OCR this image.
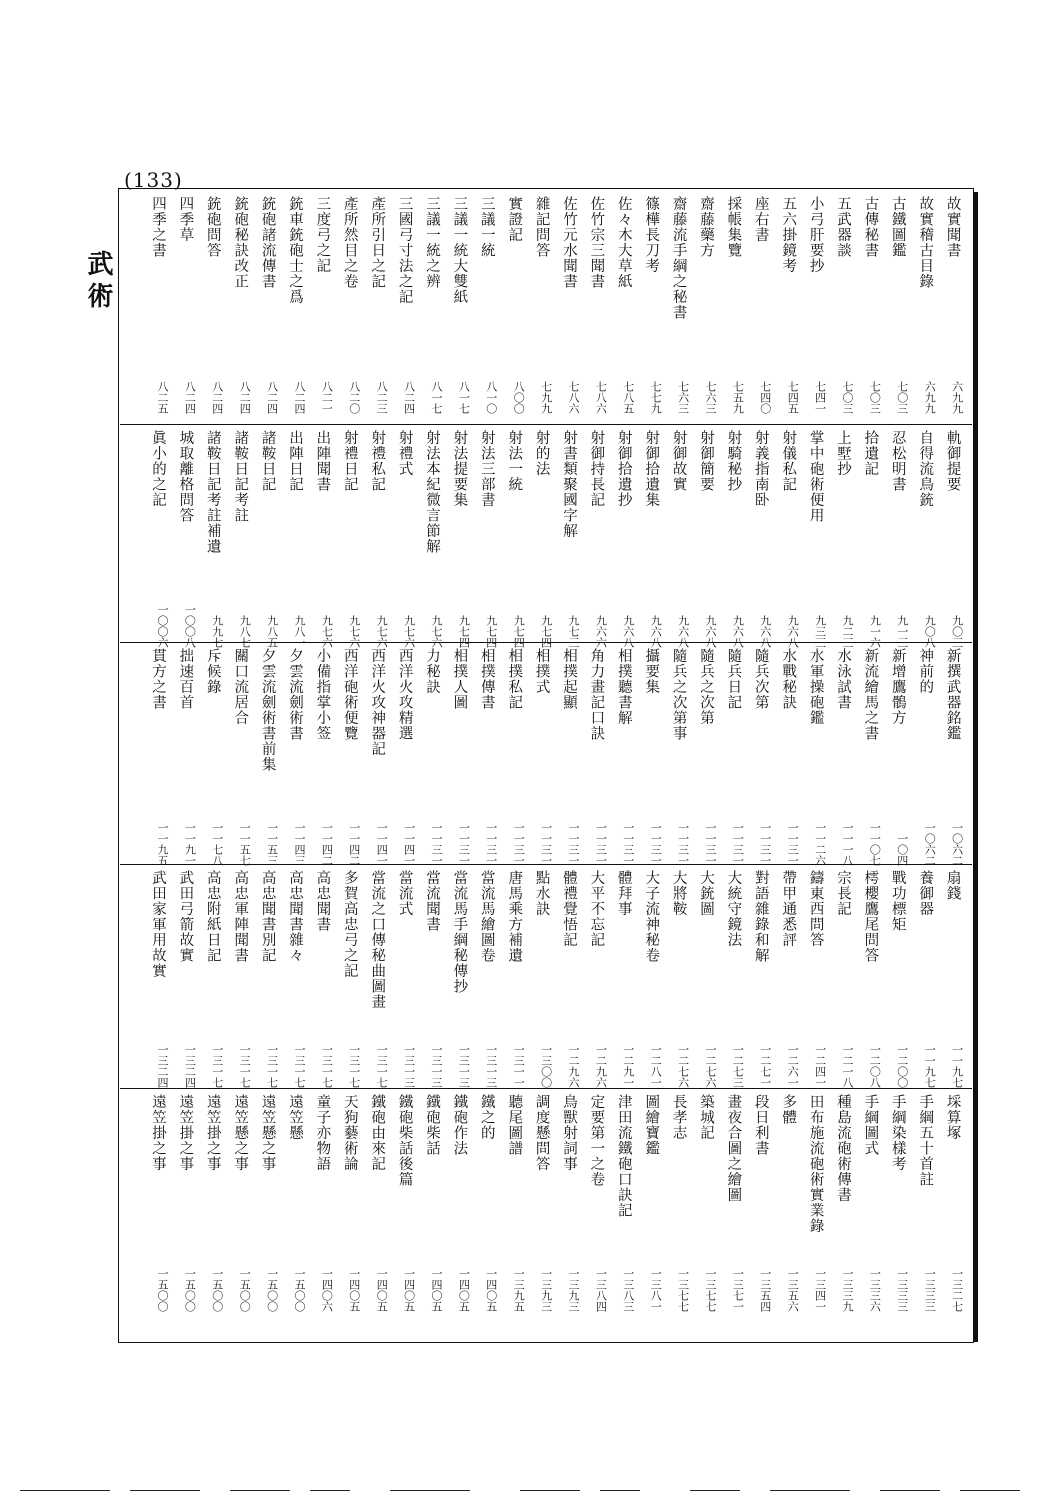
(133)
武術
故實聞書
六九九
故實稽古目錄
六九九
古鐵圖鑑
七〇三
古傳秘書
七〇三
五武器談
七〇三
小弓肝要抄
七四一
五六掛鏡考
七四五
座右書
七四〇
採帳集覽
七五九
齋藤藥方
七六三
齋藤流手綱之秘書
七六三
篠樺長刀考
七七九
佐々木大草紙
七八五
佐竹宗三聞書
七八六
佐竹元水聞書
七八六
雜記問答
七九九
實證記
八〇〇
三議一統
八一〇
三議一統大雙紙
八一七
三議一統之辨
八一七
三國弓寸法之記
八二四
產所引日之記
八二三
產所然目之卷
八二〇
三度弓之記
八二一
銃車銃砲士之爲
八二四
銃砲諸流傳書
八二四
銃砲秘訣改正
八二四
銃砲問答
八二四
四季草
八二四
四季之書
八二五
軌御提要
九〇三
自得流鳥銃
九〇八
忍松明書
九一三
拾遺記
九一六
上墅抄
九二三
掌中砲術便用
九三三
射儀私記
九六八
射義指南卧
九六八
射騎秘抄
九六八
射御簡要
九六八
射御故實
九六八
射御拾遺集
九六八
射御拾遺抄
九六八
射御持長記
九六六
射書類聚國字解
九七三
射的法
九七四
射法一統
九七四
射法三部書
九七四
射法提要集
九七四
射法本紀微言節解
九七六
射禮式
九七六
射禮私記
九七六
射禮日記
九七六
出陣聞書
九七六
出陣日記
九八一
諸鞍日記
九八五
諸鞍日記考註
九八七
諸鞍日記考註補遺
九九七
城取離格問答
一〇〇八
眞小的之記
一〇〇六
新撰武器銘鑑
一〇六二
神前的
一〇六二
新增鷹鶻方
一〇四
新流繪馬之書
一一〇七
水泳試書
一一一八
水軍操砲鑑
一一二六
水戰秘訣
一一三一
隨兵次第
一一三一
隨兵日記
一一三一
隨兵之次第
一一三一
隨兵之次第事
一一三一
攝要集
一一三一
相撲聽書解
一一三一
角力畫記口訣
一一三一
相撲起顯
一一三一
相撲式
一一三一
相撲私記
一一三一
相撲傳書
一一三一
相撲人圖
一一三一
力秘訣
一一三一
西洋火攻精選
一一四一
西洋火攻神器記
一一四一
西洋砲術便覽
一一四二
小備指掌小签
一一四二
夕雲流劍術書
一一四三
夕雲流劍術書前集
一一五三
關口流居合
一一五七
斥候錄
一一七八
拙速百首
一一九一
貫方之書
一一九五
扇錢
一一九七
養御器
一一九七
戰功標矩
一二〇〇
樗櫻鷹尾問答
一二〇八
宗長記
一二一八
鑄東西問答
一二四一
帶甲通悉評
一二六一
對語雜錄和解
一二七一
大統守鏡法
一二七三
大銃圖
一二七六
大將鞍
一二七六
大子流神秘卷
一二八一
體拜事
一二九一
大平不忘記
一二九六
體禮覺悟記
一二九六
點水訣
一三〇〇
唐馬乘方補遺
一三一一
當流馬繪圖卷
一三一三
當流馬手綱秘傳抄
一三一三
當流聞書
一三一三
當流式
一三一三
當流之口傳秘曲圖畫
一三一七
多賀高忠弓之記
一三一七
高忠聞書
一三一七
高忠聞書雜々
一三一七
高忠聞書別記
一三一七
高忠軍陣聞書
一三一七
高忠附紙日記
一三一七
武田弓箭故實
一三二四
武田家軍用故實
一三二四
埰算塚
一三二七
手綱五十首註
一三三三
手綱染樣考
一三三三
手綱圖式
一三三六
種島流砲術傳書
一三三九
田布施流砲術實業錄
一三四一
多體
一三五六
段日利書
一三五四
畫夜合圖之繪圖
一三七一
築城記
一三七七
長孝志
一三七七
圖繪寶鑑
一三八一
津田流鐵砲口訣記
一三八三
定要第一之卷
一三八四
鳥獸射詞事
一三九三
調度懸問答
一三九三
聽尾圖譜
一三九五
鐵之的
一四〇五
鐵砲作法
一四〇五
鐵砲柴話
一四〇五
鐵砲柴話後篇
一四〇五
鐵砲由來記
一四〇五
天狗藝術論
一四〇五
童子亦物語
一四〇六
遠笠懸
一五〇〇
遠笠懸之事
一五〇〇
遠笠懸之事
一五〇〇
遠笠掛之事
一五〇〇
遠笠掛之事
一五〇〇
遠笠掛之事
一五〇〇
